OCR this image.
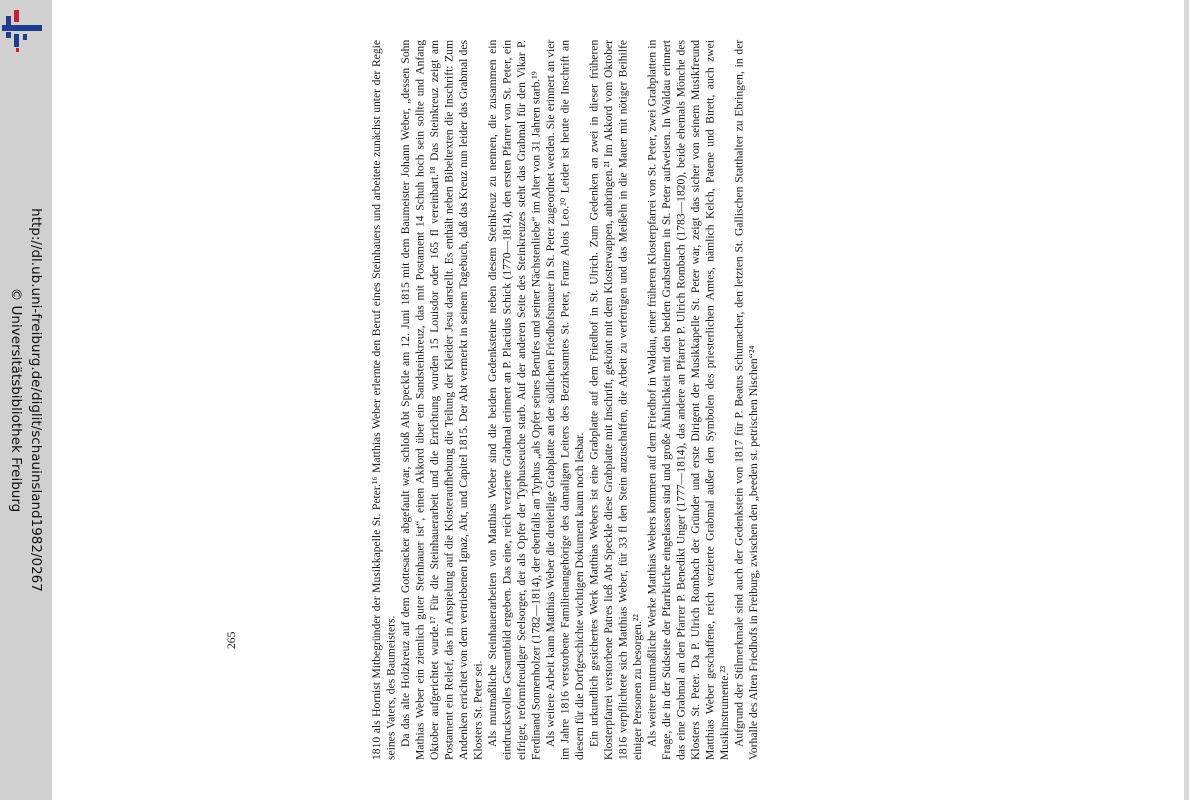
http://dl.ub.uni-freiburg.de/diglit/schauinsland1982/0267
© Universitätsbibliothek Freiburg	1810 als Hornist Mitbegründer der Musikkapelle St. Peter.¹⁶ Matthias Weber erlernte den Beruf eines Steinhauers und arbeitete zunächst unter der Regie seines Vaters, des Baumeisters. Da das alte Holzkreuz auf dem Gottesacker abgefault war, schloß Abt Speckle am 12. Juni 1815 mit dem Baumeister Johann Weber, „dessen Sohn Mathias Weber ein ziemlich guter Steinhauer ist“, einen Akkord über ein Sandsteinkreuz, das mit Postament 14 Schuh hoch sein sollte und Anfang Oktober aufgerichtet wurde.¹⁷ Für die Steinhauerarbeit und die Errichtung wurden 15 Louisdor oder 165 fl vereinbart.¹⁸ Das Steinkreuz zeigt am Postament ein Relief, das in Anspielung auf die Klosteraufhebung die Teilung der Kleider Jesu darstellt. Es enthält neben Bibeltexten die Inschrift: Zum Andenken errichtet von dem vertriebenen Ignaz, Abt, und Capitel 1815. Der Abt vermerkt in seinem Tagebuch, daß das Kreuz nun leider das Grabmal des Klosters St. Peter sei. Als mutmaßliche Steinhauerarbeiten von Matthias Weber sind die beiden Gedenksteine neben diesem Steinkreuz zu nennen, die zusammen ein eindrucksvolles Gesamtbild ergeben. Das eine, reich verzierte Grabmal erinnert an P. Placidus Schick (1770—1814), den ersten Pfarrer von St. Peter, ein eifriger, reformfreudiger Seelsorger, der als Opfer der Typhusseuche starb. Auf der anderen Seite des Steinkreuzes steht das Grabmal für den Vikar P. Ferdinand Sonnenholzer (1782—1814), der ebenfalls an Typhus „als Opfer seines Berufes und seiner Nächstenliebe“ im Alter von 31 Jahren starb.¹⁹ Als weitere Arbeit kann Matthias Weber die dreiteilige Grabplatte an der südlichen Friedhofsmauer in St. Peter zugeordnet werden. Sie erinnert an vier im Jahre 1816 verstorbene Familienangehörige des damaligen Leiters des Bezirksamtes St. Peter, Franz Alois Leo.²⁰ Leider ist heute die Inschrift an diesem für die Dorfgeschichte wichtigen Dokument kaum noch lesbar. Ein urkundlich gesichertes Werk Matthias Webers ist eine Grabplatte auf dem Friedhof in St. Ulrich. Zum Gedenken an zwei in dieser früheren Klosterpfarrei verstorbene Patres ließ Abt Speckle diese Grabplatte mit Inschrift, gekrönt mit dem Klosterwappen, anbringen.²¹ Im Akkord vom Oktober 1816 verpflichtete sich Matthias Weber, für 33 fl den Stein anzuschaffen, die Arbeit zu verfertigen und das Meißeln in die Mauer mit nötiger Beihilfe einiger Personen zu besorgen.²² Als weitere mutmaßliche Werke Matthias Webers kommen auf dem Friedhof in Waldau, einer früheren Klosterpfarrei von St. Peter, zwei Grabplatten in Frage, die in der Südseite der Pfarrkirche eingelassen sind und große Ähnlichkeit mit den beiden Grabsteinen in St. Peter aufweisen. In Waldau erinnert das eine Grabmal an den Pfarrer P. Benedikt Unger (1777—1814), das andere an Pfarrer P. Ulrich Rombach (1783—1820), beide ehemals Mönche des Klosters St. Peter. Da P. Ulrich Rombach der Gründer und erste Dirigent der Musikkapelle St. Peter war, zeigt das sicher von seinem Musikfreund Matthias Weber geschaffene, reich verzierte Grabmal außer den Symbolen des priesterlichen Amtes, nämlich Kelch, Patene und Birett, auch zwei Musikinstrumente.²³ Aufgrund der Stilmerkmale sind auch der Gedenkstein von 1817 für P. Beatus Schumacher, den letzten St. Gallischen Statthalter zu Ebringen, in der Vorhalle des Alten Friedhofs in Freiburg, zwischen den „beeden st. petrischen Nischen“²⁴

265
